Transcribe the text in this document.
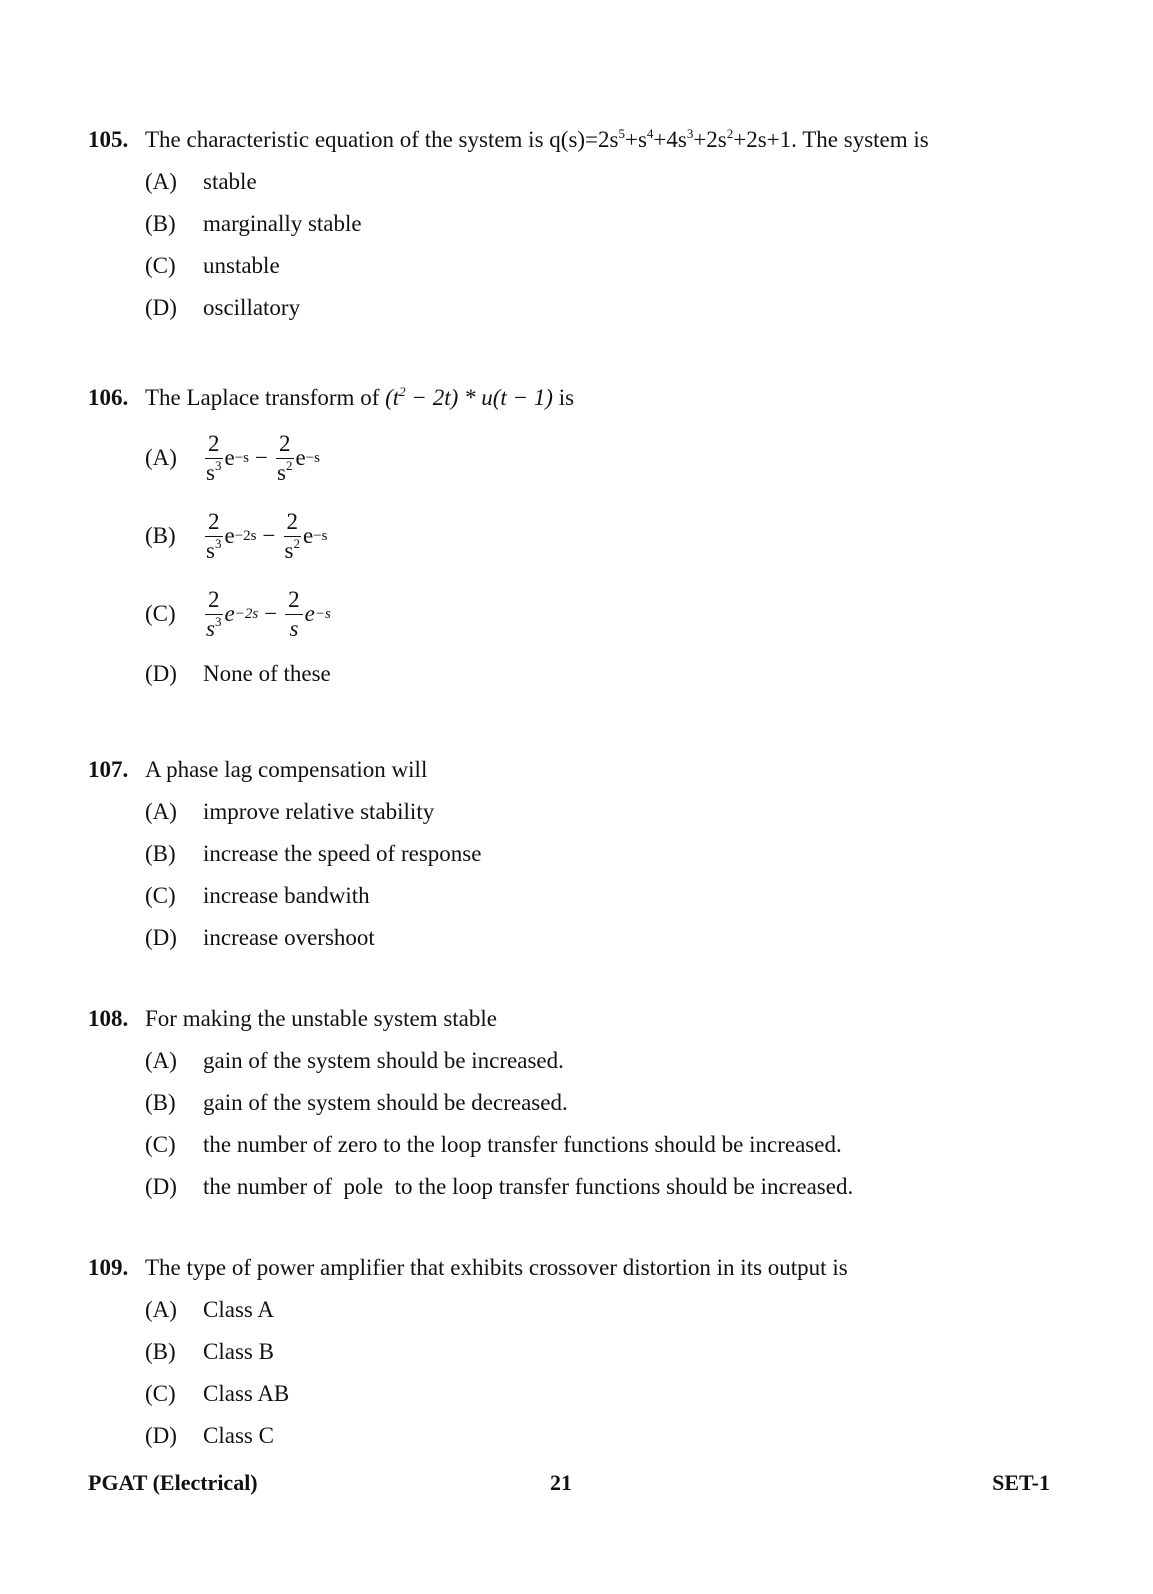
105. The characteristic equation of the system is
$q(s)=2s^5+s^4+4s^3+2s^2+2s+1$ . The system is
(A)	stable
(B)	marginally stable
(C)	unstable
(D)	oscillatory
106. The Laplace transform of
$(t^2 - 2t) * u(t - 1)$
is
(A)	$\frac{2}{s^3}$ $e -s - \frac{2}{s^2}$ e −s
(B)	$\frac{2}{s^3}$ $e -2s - \frac{2}{s^2}$ e −s
(C)	$\frac{2}{s^3}$ $e -2s - \frac{2}{s}$ e −s
(D)	None of these
107. A phase lag compensation will
(A)	improve relative stability
(B)	increase the speed of response
(C)	increase bandwith
(D)	increase overshoot
108. For making the unstable system stable
(A)	gain of the system should be increased.
(B)	gain of the system should be decreased.
(C)	the number of zero to the loop transfer functions should be increased.
(D)	the number of  pole  to the loop transfer functions should be increased.
109. The type of power amplifier that exhibits crossover distortion in its output is
(A)	Class A
(B)	Class B
(C)	Class AB
(D)	Class C
PGAT (Electrical)	21	SET-1
